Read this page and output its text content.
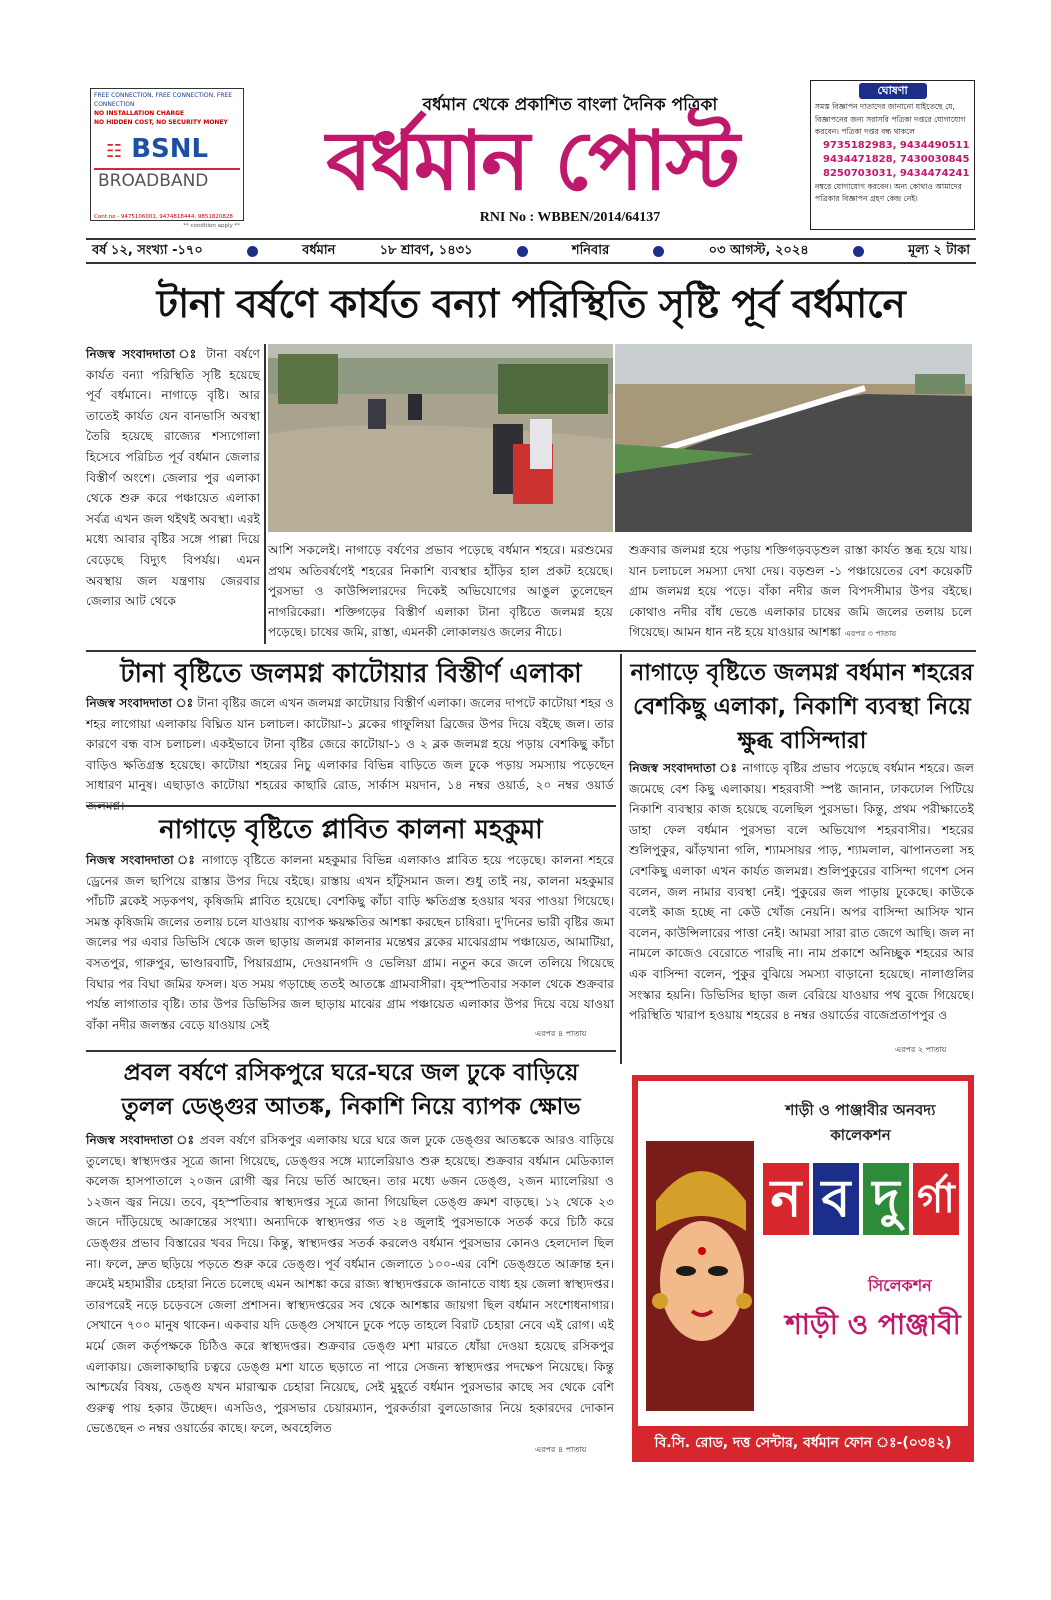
FREE CONNECTION, FREE CONNECTION, FREE CONNECTION
NO INSTALLATION CHARGE
NO HIDDEN COST, NO SECURITY MONEY
☷ BSNL
BROADBAND
Cont.no - 9475106001, 9474818444, 9851820828
** condition apply **
বর্ধমান থেকে প্রকাশিত বাংলা দৈনিক পত্রিকা
বর্ধমান পোস্ট
RNI No : WBBEN/2014/64137
ঘোষণা
সমস্ত বিজ্ঞাপন দাতাদের জানানো যাইতেছে যে, বিজ্ঞাপনের জন্য সরাসরি পত্রিকা দপ্তরে যোগাযোগ করবেন। পত্রিকা দপ্তর বন্ধ থাকলে
9735182983, 9434490511
9434471828, 7430030845
8250703031, 9434474241
নম্বরে যোগাযোগ করবেন। অন্য কোথাও আমাদের পত্রিকার বিজ্ঞাপন গ্রহণ কেন্দ্র নেই।
বর্ষ ১২, সংখ্যা -১৭০	বর্ধমান	১৮ শ্রাবণ, ১৪৩১	শনিবার	০৩ আগস্ট, ২০২৪	মূল্য ২ টাকা
টানা বর্ষণে কার্যত বন্যা পরিস্থিতি সৃষ্টি পূর্ব বর্ধমানে
নিজস্ব সংবাদদাতা ঃ টানা বর্ষণে কার্যত বন্যা পরিস্থিতি সৃষ্টি হয়েছে পূর্ব বর্ধমানে। নাগাড়ে বৃষ্টি। আর তাতেই কার্যত যেন বানভাসি অবস্থা তৈরি হয়েছে রাজ্যের শস্যগোলা হিসেবে পরিচিত পূর্ব বর্ধমান জেলার বিস্তীর্ণ অংশে। জেলার পুর এলাকা থেকে শুরু করে পঞ্চায়েত এলাকা সর্বত্র এখন জল থইথই অবস্থা। এরই মধ্যে আবার বৃষ্টির সঙ্গে পাল্লা দিয়ে বেড়েছে বিদ্যুৎ বিপর্যয়। এমন অবস্থায় জল যন্ত্রণায় জেরবার জেলার আট থেকে
আশি সকলেই। নাগাড়ে বর্ষণের প্রভাব পড়েছে বর্ধমান শহরে। মরশুমের প্রথম অতিবর্ষণেই শহরের নিকাশি ব্যবস্থার হাঁড়ির হাল প্রকট হয়েছে। পুরসভা ও কাউন্সিলারদের দিকেই অভিযোগের আঙুল তুলেছেন নাগরিকেরা। শক্তিগড়ের বিস্তীর্ণ এলাকা টানা বৃষ্টিতে জলমগ্ন হয়ে পড়েছে। চাষের জমি, রাস্তা, এমনকী লোকালয়ও জলের নীচে।
শুক্রবার জলমগ্ন হয়ে পড়ায় শক্তিগড়বড়শুল রাস্তা কার্যত স্তব্ধ হয়ে যায়। যান চলাচলে সমস্যা দেখা দেয়। বড়শুল -১ পঞ্চায়েতের বেশ কয়েকটি গ্রাম জলমগ্ন হয়ে পড়ে। বাঁকা নদীর জল বিপদসীমার উপর বইছে। কোথাও নদীর বাঁধ ভেঙে এলাকার চাষের জমি জলের তলায় চলে গিয়েছে। আমন ধান নষ্ট হয়ে যাওয়ার আশঙ্কা এরপর ৩ পাতায়
টানা বৃষ্টিতে জলমগ্ন কাটোয়ার বিস্তীর্ণ এলাকা
নিজস্ব সংবাদদাতা ঃ টানা বৃষ্টির জলে এখন জলমগ্ন কাটোয়ার বিস্তীর্ণ এলাকা। জলের দাপটে কাটোয়া শহর ও শহর লাগোয়া এলাকায় বিঘ্নিত যান চলাচল। কাটোয়া-১ ব্লকের গাফুলিয়া ব্রিজের উপর দিয়ে বইছে জল। তার কারণে বন্ধ বাস চলাচল। একইভাবে টানা বৃষ্টির জেরে কাটোয়া-১ ও ২ ব্লক জলমগ্ন হয়ে পড়ায় বেশকিছু কাঁচা বাড়িও ক্ষতিগ্রস্ত হয়েছে। কাটোয়া শহরের নিচু এলাকার বিভিন্ন বাড়িতে জল ঢুকে পড়ায় সমস্যায় পড়েছেন সাধারণ মানুষ। এছাড়াও কাটোয়া শহরের কাছারি রোড, সার্কাস ময়দান, ১৪ নম্বর ওয়ার্ড, ২০ নম্বর ওয়ার্ড
নাগাড়ে বৃষ্টিতে প্লাবিত কালনা মহকুমা
নিজস্ব সংবাদদাতা ঃ নাগাড়ে বৃষ্টিতে কালনা মহকুমার বিভিন্ন এলাকাও প্লাবিত হয়ে পড়েছে। কালনা শহরে ড্রেনের জল ছাপিয়ে রাস্তার উপর দিয়ে বইছে। রাস্তায় এখন হাঁটুসমান জল। শুধু তাই নয়, কালনা মহকুমার পাঁচটি ব্লকেই সড়কপথ, কৃষিজমি প্লাবিত হয়েছে। বেশকিছু কাঁচা বাড়ি ক্ষতিগ্রস্ত হওয়ার খবর পাওয়া গিয়েছে। সমস্ত কৃষিজমি জলের তলায় চলে যাওয়ায় ব্যাপক ক্ষয়ক্ষতির আশঙ্কা করছেন চাষিরা। দু'দিনের ভারী বৃষ্টির জমা জলের পর এবার ডিভিসি থেকে জল ছাড়ায় জলমগ্ন কালনার মন্তেশ্বর ব্লকের মাঝেরগ্রাম পঞ্চায়েত, আমাটিয়া, বসতপুর, গারুপুর, ভাণ্ডারবাটি, পিয়ারগ্রাম, দেওয়ানগদি ও ভেলিয়া গ্রাম। নতুন করে জলে তলিয়ে গিয়েছে বিঘার পর বিঘা জমির ফসল। যত সময় গড়াচ্ছে ততই আতঙ্কে গ্রামবাসীরা। বৃহস্পতিবার সকাল থেকে শুক্রবার পর্যন্ত লাগাতার বৃষ্টি। তার উপর ডিভিসির জল ছাড়ায় মাঝের গ্রাম পঞ্চায়েত এলাকার উপর দিয়ে বয়ে যাওয়া বাঁকা নদীর জলস্তর বেড়ে যাওয়ায় সেই
এরপর ৪ পাতায়
নাগাড়ে বৃষ্টিতে জলমগ্ন বর্ধমান শহরের বেশকিছু এলাকা, নিকাশি ব্যবস্থা নিয়ে ক্ষুব্ধ বাসিন্দারা
নিজস্ব সংবাদদাতা ঃ নাগাড়ে বৃষ্টির প্রভাব পড়েছে বর্ধমান শহরে। জল জমেছে বেশ কিছু এলাকায়। শহরবাসী স্পষ্ট জানান, ঢাকঢোল পিটিয়ে নিকাশি ব্যবস্থার কাজ হয়েছে বলেছিল পুরসভা। কিন্তু, প্রথম পরীক্ষাতেই ডাহা ফেল বর্ধমান পুরসভা বলে অভিযোগ শহরবাসীর। শহরের শুলিপুকুর, ঝাঁড়খানা গলি, শ্যামসায়র পাড়, শ্যামলাল, ঝাপানতলা সহ বেশকিছু এলাকা এখন কার্যত জলমগ্ন। শুলিপুকুরের বাসিন্দা গণেশ সেন বলেন, জল নামার ব্যবস্থা নেই। পুকুরের জল পাড়ায় ঢুকেছে। কাউকে বলেই কাজ হচ্ছে না কেউ খোঁজ নেয়নি। অপর বাসিন্দা আসিফ খান বলেন, কাউন্সিলারের পাত্তা নেই। আমরা সারা রাত জেগে আছি। জল না নামলে কাজেও বেরোতে পারছি না। নাম প্রকাশে অনিচ্ছুক শহরের আর এক বাসিন্দা বলেন, পুকুর বুঝিয়ে সমস্যা বাড়ানো হয়েছে। নালাগুলির সংস্কার হয়নি। ডিভিসির ছাড়া জল বেরিয়ে যাওয়ার পথ বুজে গিয়েছে। পরিস্থিতি খারাপ হওয়ায় শহরের ৪ নম্বর ওয়ার্ডের বাজেপ্রতাপপুর ও
এরপর ২ পাতায়
প্রবল বর্ষণে রসিকপুরে ঘরে-ঘরে জল ঢুকে বাড়িয়ে
তুলল ডেঙ্গুর আতঙ্ক, নিকাশি নিয়ে ব্যাপক ক্ষোভ
নিজস্ব সংবাদদাতা ঃ প্রবল বর্ষণে রসিকপুর এলাকায় ঘরে ঘরে জল ঢুকে ডেঙ্গুর আতঙ্ককে আরও বাড়িয়ে তুলেছে। স্বাস্থ্যদপ্তর সূত্রে জানা গিয়েছে, ডেঙ্গুর সঙ্গে ম্যালেরিয়াও শুরু হয়েছে। শুক্রবার বর্ধমান মেডিক্যাল কলেজ হাসপাতালে ২০জন রোগী জ্বর নিয়ে ভর্তি আছেন। তার মধ্যে ৬জন ডেঙ্গু, ২জন ম্যালেরিয়া ও ১২জন জ্বর নিয়ে। তবে, বৃহস্পতিবার স্বাস্থ্যদপ্তর সূত্রে জানা গিয়েছিল ডেঙ্গু ক্রমশ বাড়ছে। ১২ থেকে ২৩ জনে দাঁড়িয়েছে আক্রান্তের সংখ্যা। অন্যদিকে স্বাস্থ্যদপ্তর গত ২৪ জুলাই পুরসভাকে সতর্ক করে চিঠি করে ডেঙ্গুর প্রভাব বিস্তারের খবর দিয়ে। কিন্তু, স্বাস্থ্যদপ্তর সতর্ক করলেও বর্ধমান পুরসভার কোনও হেলদোল ছিল না। ফলে, দ্রুত ছড়িয়ে পড়তে শুরু করে ডেঙ্গু। পূর্ব বর্ধমান জেলাতে ১০০-এর বেশি ডেঙ্গুতে আক্রান্ত হন। ক্রমেই মহামারীর চেহারা নিতে চলেছে এমন আশঙ্কা করে রাজ্য স্বাস্থ্যদপ্তরকে জানাতে বাধ্য হয় জেলা স্বাস্থ্যদপ্তর। তারপরেই নড়ে চড়েবসে জেলা প্রশাসন। স্বাস্থ্যদপ্তরের সব থেকে আশঙ্কার জায়গা ছিল বর্ধমান সংশোধনাগার। সেখানে ৭০০ মানুষ থাকেন। একবার যদি ডেঙ্গু সেখানে ঢুকে পড়ে তাহলে বিরাট চেহারা নেবে এই রোগ। এই মর্মে জেল কর্তৃপক্ষকে চিঠিও করে স্বাস্থ্যদপ্তর। শুক্রবার ডেঙ্গু মশা মারতে ধোঁয়া দেওয়া হয়েছে রসিকপুর এলাকায়। জেলাকাছারি চত্বরে ডেঙ্গু মশা যাতে ছড়াতে না পারে সেজন্য স্বাস্থ্যদপ্তর পদক্ষেপ নিয়েছে। কিন্তু আশ্চর্যের বিষয়, ডেঙ্গু যখন মারাত্মক চেহারা নিয়েছে, সেই মুহূর্তে বর্ধমান পুরসভার কাছে সব থেকে বেশি গুরুত্ব পায় হকার উচ্ছেদ। এসডিও, পুরসভার চেয়ারম্যান, পুরকর্তারা বুলডোজার নিয়ে হকারদের দোকান ভেঙেছেন ৩ নম্বর ওয়ার্ডের কাছে। ফলে, অবহেলিত
এরপর ৪ পাতায়
শাড়ী ও পাঞ্জাবীর অনবদ্য কালেকশন
ন ব দু র্গা
সিলেকশন
শাড়ী ও পাঞ্জাবী
বি.সি. রোড, দত্ত সেন্টার, বর্ধমান ফোন ঃ-(০৩৪২) ২৫৫০২২৮
